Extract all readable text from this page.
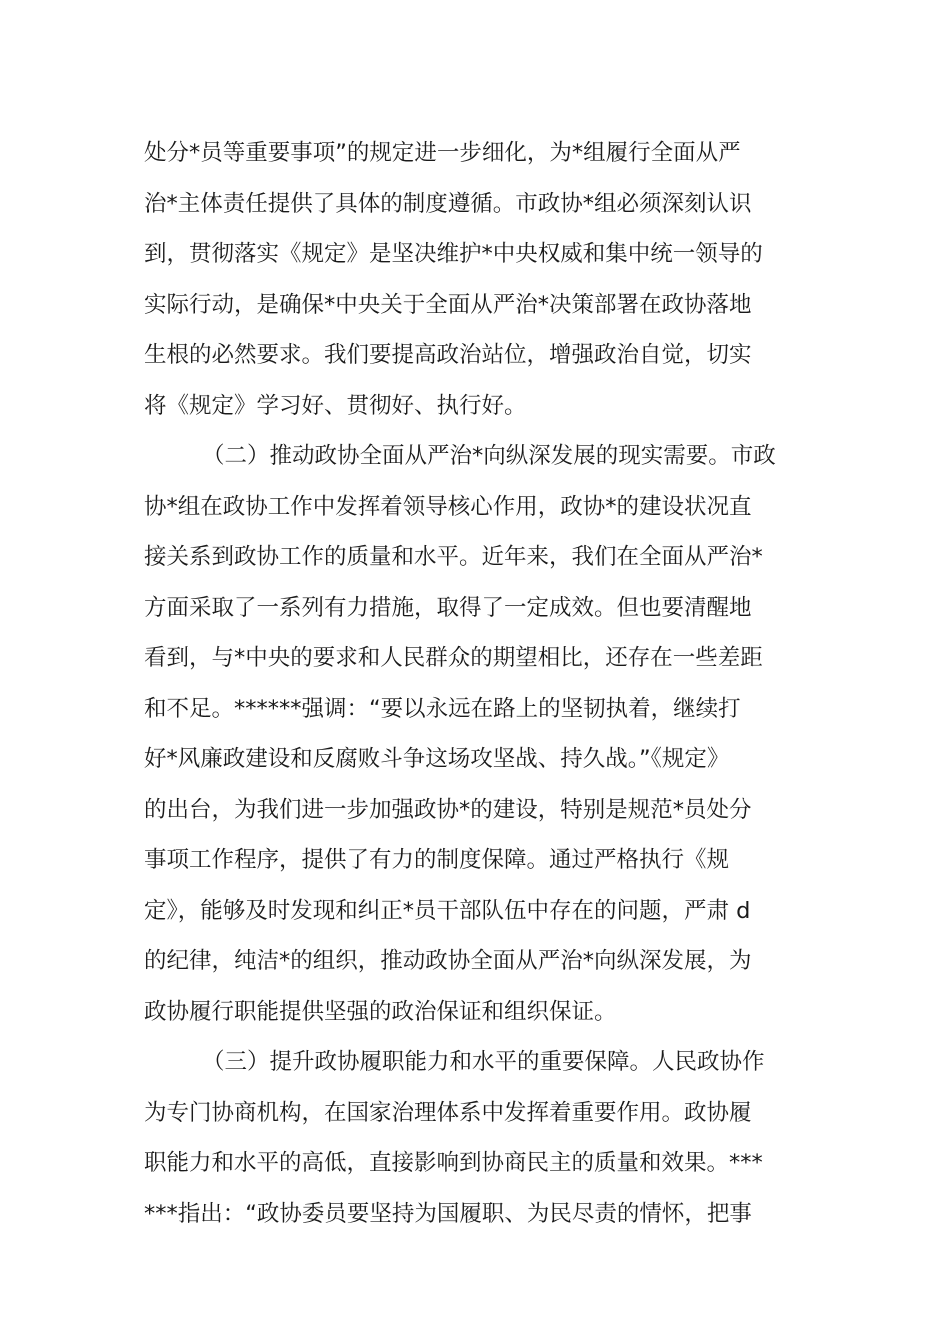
处分*员等重要事项”的规定进一步细化，为*组履行全面从严
治*主体责任提供了具体的制度遵循。市政协*组必须深刻认识
到，贯彻落实《规定》是坚决维护*中央权威和集中统一领导的
实际行动，是确保*中央关于全面从严治*决策部署在政协落地
生根的必然要求。我们要提高政治站位，增强政治自觉，切实
将《规定》学习好、贯彻好、执行好。
（二）推动政协全面从严治*向纵深发展的现实需要。市政
协*组在政协工作中发挥着领导核心作用，政协*的建设状况直
接关系到政协工作的质量和水平。近年来，我们在全面从严治*
方面采取了一系列有力措施，取得了一定成效。但也要清醒地
看到，与*中央的要求和人民群众的期望相比，还存在一些差距
和不足。******强调：“要以永远在路上的坚韧执着，继续打
好*风廉政建设和反腐败斗争这场攻坚战、持久战。”《规定》
的出台，为我们进一步加强政协*的建设，特别是规范*员处分
事项工作程序，提供了有力的制度保障。通过严格执行《规
定》，能够及时发现和纠正*员干部队伍中存在的问题，严肃 d
的纪律，纯洁*的组织，推动政协全面从严治*向纵深发展，为
政协履行职能提供坚强的政治保证和组织保证。
（三）提升政协履职能力和水平的重要保障。人民政协作
为专门协商机构，在国家治理体系中发挥着重要作用。政协履
职能力和水平的高低，直接影响到协商民主的质量和效果。***
***指出：“政协委员要坚持为国履职、为民尽责的情怀，把事
